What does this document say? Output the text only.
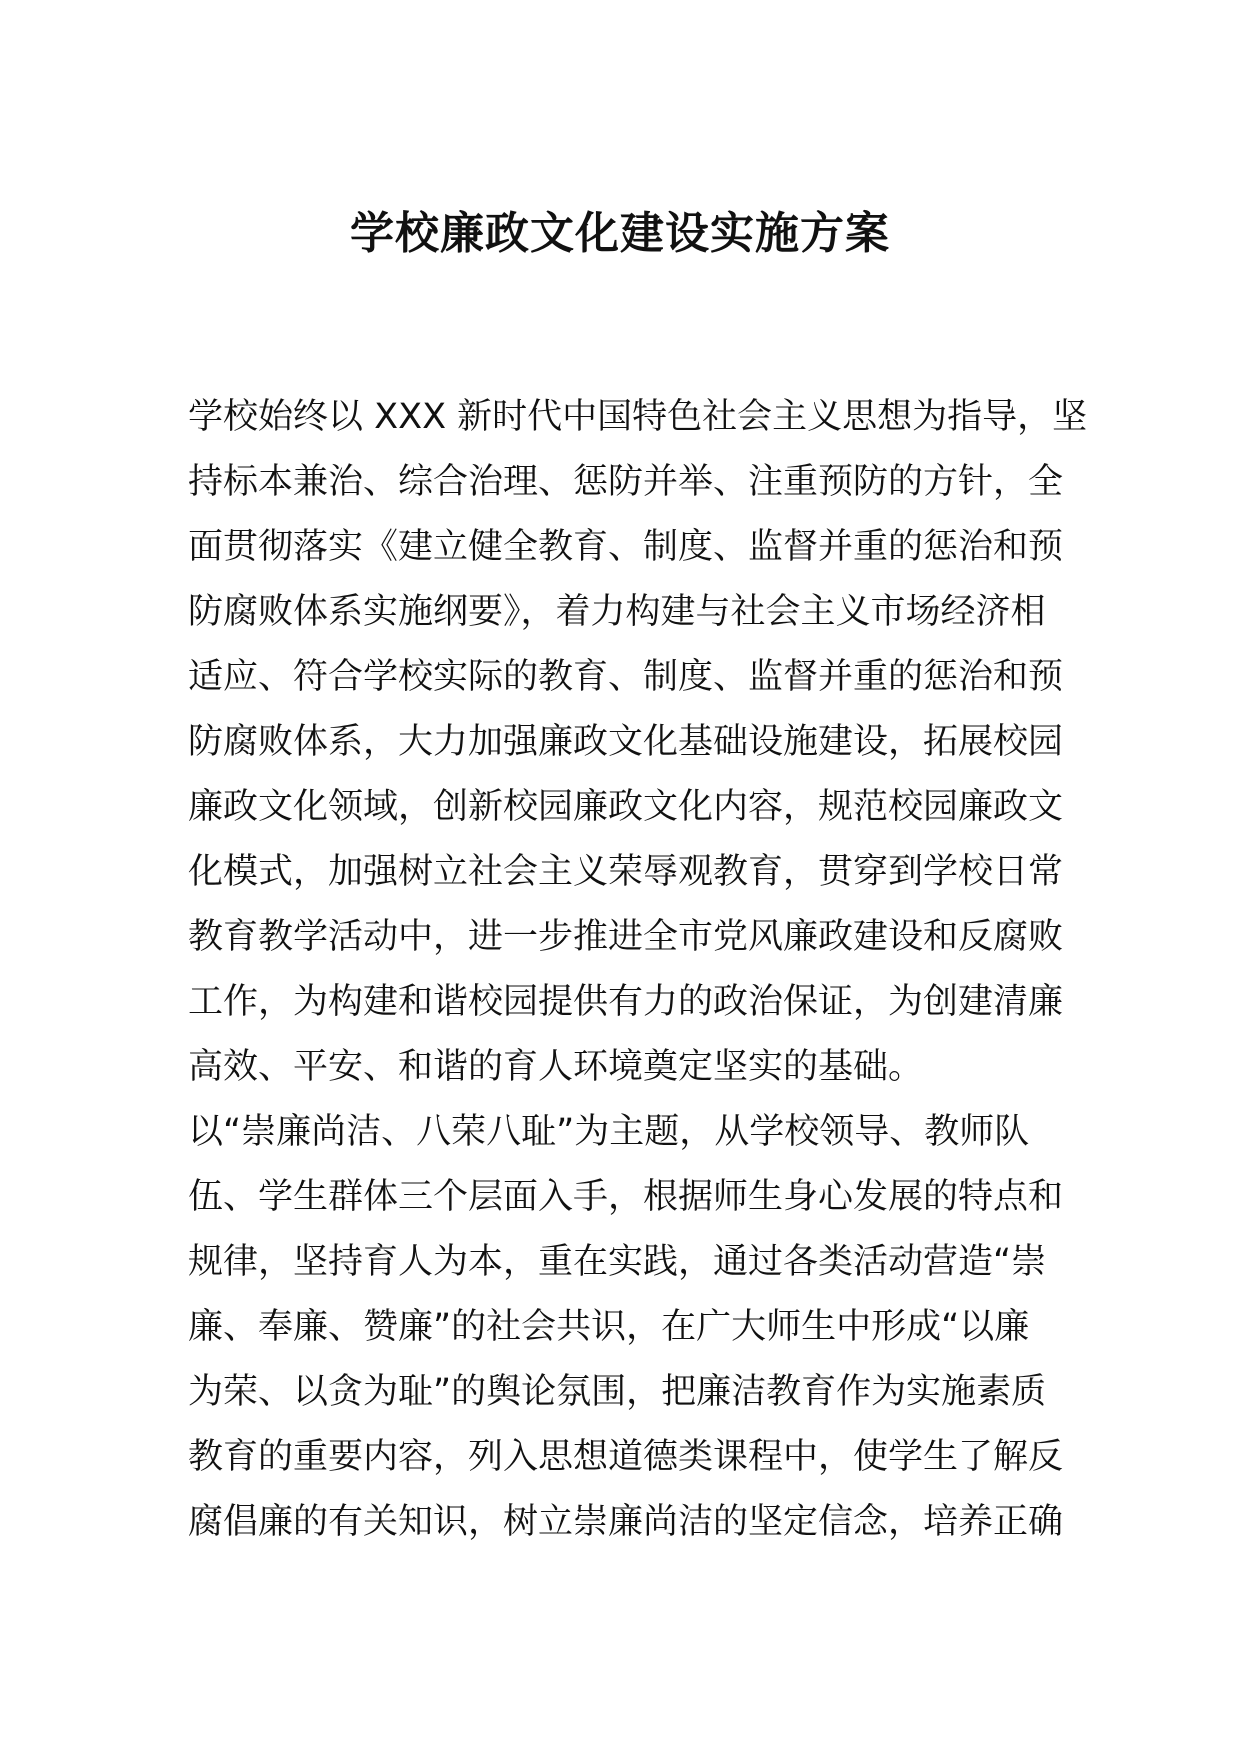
学校廉政文化建设实施方案
学校始终以 XXX 新时代中国特色社会主义思想为指导，坚
持标本兼治、综合治理、惩防并举、注重预防的方针，全
面贯彻落实《建立健全教育、制度、监督并重的惩治和预
防腐败体系实施纲要》，着力构建与社会主义市场经济相
适应、符合学校实际的教育、制度、监督并重的惩治和预
防腐败体系，大力加强廉政文化基础设施建设，拓展校园
廉政文化领域，创新校园廉政文化内容，规范校园廉政文
化模式，加强树立社会主义荣辱观教育，贯穿到学校日常
教育教学活动中，进一步推进全市党风廉政建设和反腐败
工作，为构建和谐校园提供有力的政治保证，为创建清廉
高效、平安、和谐的育人环境奠定坚实的基础。
以“崇廉尚洁、八荣八耻”为主题，从学校领导、教师队
伍、学生群体三个层面入手，根据师生身心发展的特点和
规律，坚持育人为本，重在实践，通过各类活动营造“崇
廉、奉廉、赞廉”的社会共识，在广大师生中形成“以廉
为荣、以贪为耻”的舆论氛围，把廉洁教育作为实施素质
教育的重要内容，列入思想道德类课程中，使学生了解反
腐倡廉的有关知识，树立崇廉尚洁的坚定信念，培养正确
